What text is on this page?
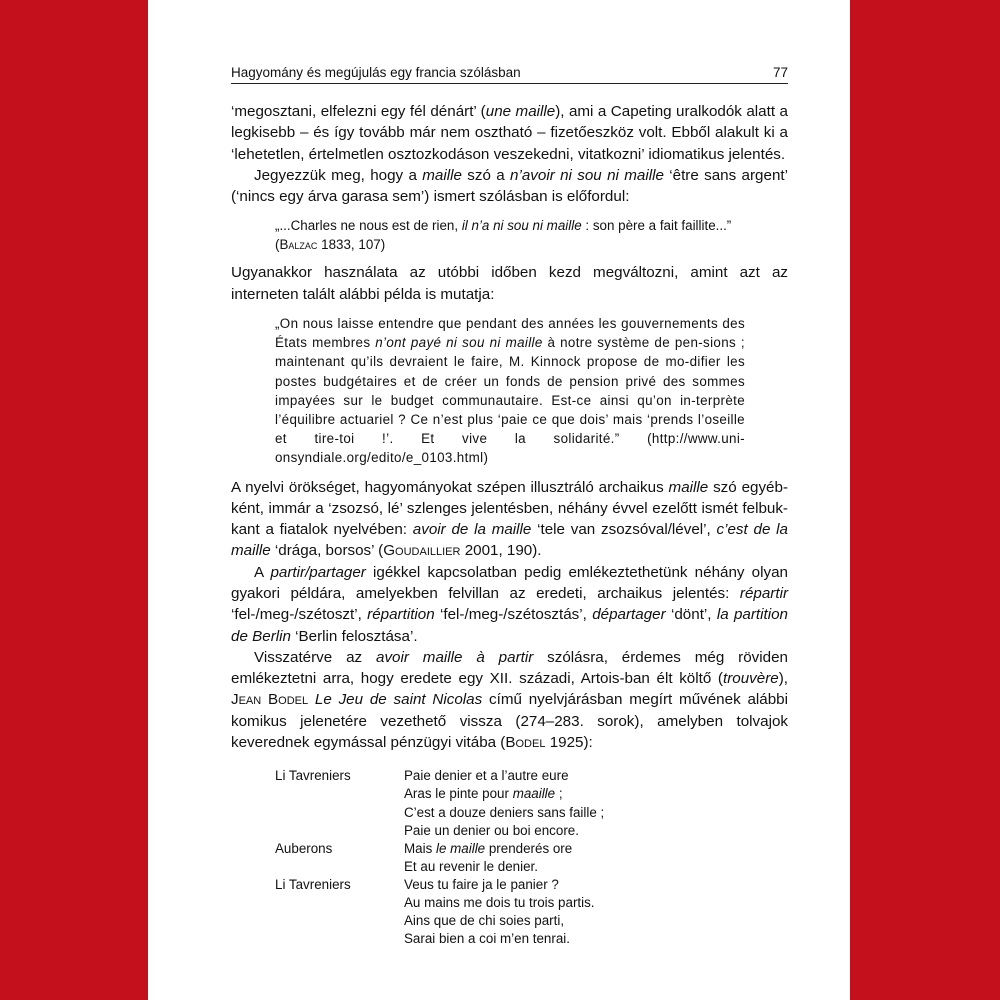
Hagyomány és megújulás egy francia szólásban	77

‘megosztani, elfelezni egy fél dénárt’ (une maille), ami a Capeting uralkodók alatt a legkisebb – és így tovább már nem osztható – fizetőeszköz volt. Ebből alakult ki a ‘lehetetlen, értelmetlen osztozkodáson veszekedni, vitatkozni’ idiomatikus jelentés.

Jegyezzük meg, hogy a maille szó a n’avoir ni sou ni maille ‘être sans argent’ (‘nincs egy árva garasa sem’) ismert szólásban is előfordul:

„...Charles ne nous est de rien, il n’a ni sou ni maille : son père a fait faillite...”
(Balzac 1833, 107)

Ugyanakkor használata az utóbbi időben kezd megváltozni, amint azt az interneten talált alábbi példa is mutatja:

„On nous laisse entendre que pendant des années les gouvernements des États membres n’ont payé ni sou ni maille à notre système de pen-sions ; maintenant qu’ils devraient le faire, M. Kinnock propose de mo-difier les postes budgétaires et de créer un fonds de pension privé des sommes impayées sur le budget communautaire. Est-ce ainsi qu’on in-terprète l’équilibre actuariel ? Ce n’est plus ‘paie ce que dois’ mais ‘prends l’oseille et tire-toi !’. Et vive la solidarité.” (http://www.uni-onsyndiale.org/edito/e_0103.html)

A nyelvi örökséget, hagyományokat szépen illusztráló archaikus maille szó egyéb-ként, immár a ‘zsozsó, lé’ szlenges jelentésben, néhány évvel ezelőtt ismét felbuk-kant a fiatalok nyelvében: avoir de la maille ‘tele van zsozsóval/lével’, c’est de la maille ‘drága, borsos’ (Goudaillier 2001, 190).

A partir/partager igékkel kapcsolatban pedig emlékeztethetünk néhány olyan gyakori példára, amelyekben felvillan az eredeti, archaikus jelentés: répartir ‘fel-/meg-/szétoszt’, répartition ‘fel-/meg-/szétosztás’, départager ‘dönt’, la partition de Berlin ‘Berlin felosztása’.

Visszatérve az avoir maille à partir szólásra, érdemes még röviden emlékeztetni arra, hogy eredete egy XII. századi, Artois-ban élt költő (trouvère), Jean Bodel Le Jeu de saint Nicolas című nyelvjárásban megírt művének alábbi komikus jelenetére vezethető vissza (274–283. sorok), amelyben tolvajok keverednek egymással pénzügyi vitába (Bodel 1925):

Li Tavreniers	Paie denier et a l’autre eure
Aras le pinte pour maaille ;
C’est a douze deniers sans faille ;
Paie un denier ou boi encore.
Auberons	Mais le maille prenderés ore
Et au revenir le denier.
Li Tavreniers	Veus tu faire ja le panier ?
Au mains me dois tu trois partis.
Ains que de chi soies parti,
Sarai bien a coi m’en tenrai.
